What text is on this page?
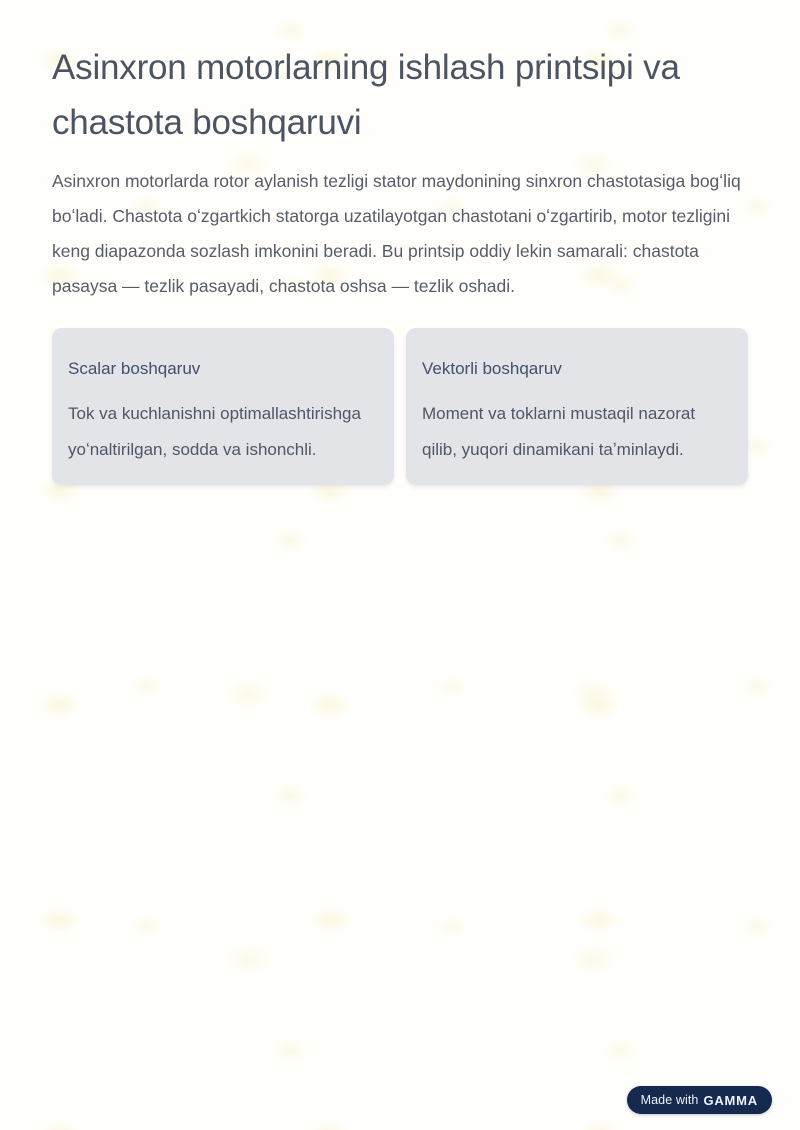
Asinxron motorlarning ishlash printsipi va chastota boshqaruvi

Asinxron motorlarda rotor aylanish tezligi stator maydonining sinxron chastotasiga bogʻliq boʻladi. Chastota oʻzgartkich statorga uzatilayotgan chastotani oʻzgartirib, motor tezligini keng diapazonda sozlash imkonini beradi. Bu printsip oddiy lekin samarali: chastota pasaysa — tezlik pasayadi, chastota oshsa — tezlik oshadi.

Scalar boshqaruv
Tok va kuchlanishni optimallashtirishga yoʻnaltirilgan, sodda va ishonchli.
Vektorli boshqaruv
Moment va toklarni mustaqil nazorat qilib, yuqori dinamikani taʼminlaydi.
Made with GAMMA
